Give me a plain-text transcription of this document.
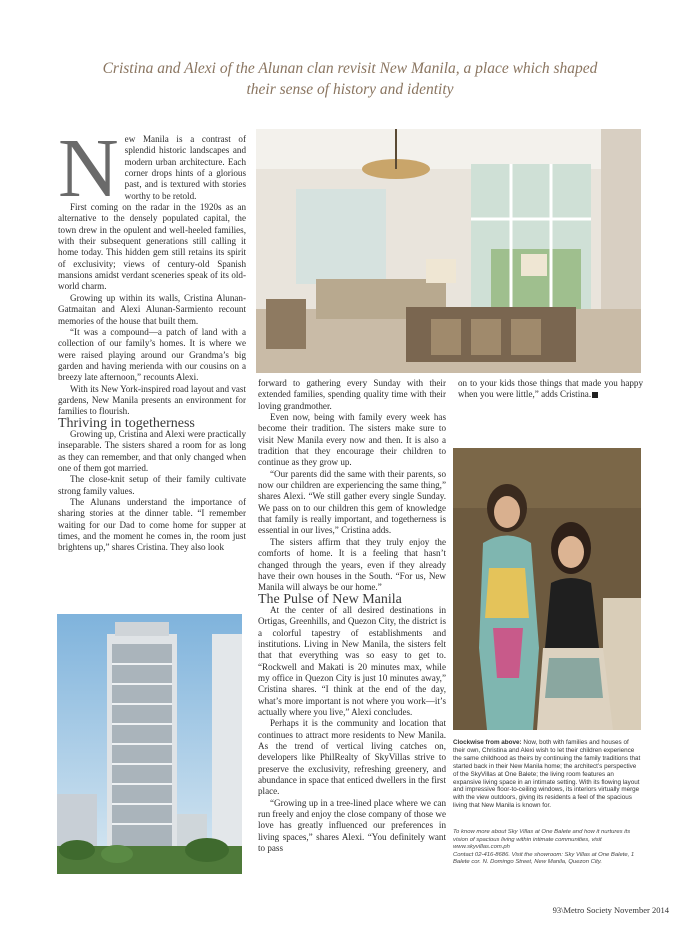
Cristina and Alexi of the Alunan clan revisit New Manila, a place which shaped their sense of history and identity
N ew Manila is a contrast of splendid historic landscapes and modern urban architecture. Each corner drops hints of a glorious past, and is textured with stories worthy to be retold.

First coming on the radar in the 1920s as an alternative to the densely populated capital, the town drew in the opulent and well-heeled families, with their subsequent generations still calling it home today. This hidden gem still retains its spirit of exclusivity; views of century-old Spanish mansions amidst verdant sceneries speak of its old-world charm.

Growing up within its walls, Cristina Alunan-Gatmaitan and Alexi Alunan-Sarmiento recount memories of the house that built them.

“It was a compound—a patch of land with a collection of our family’s homes. It is where we were raised playing around our Grandma’s big garden and having merienda with our cousins on a breezy late afternoon,” recounts Alexi.

With its New York-inspired road layout and vast gardens, New Manila presents an environment for families to flourish.

Thriving in togetherness

Growing up, Cristina and Alexi were practically inseparable. The sisters shared a room for as long as they can remember, and that only changed when one of them got married.

The close-knit setup of their family cultivate strong family values.

The Alunans understand the importance of sharing stories at the dinner table. “I remember waiting for our Dad to come home for supper at times, and the moment he comes in, the room just brightens up,” shares Cristina. They also look

forward to gathering every Sunday with their extended families, spending quality time with their loving grandmother.

Even now, being with family every week has become their tradition. The sisters make sure to visit New Manila every now and then. It is also a tradition that they encourage their children to continue as they grow up.

“Our parents did the same with their parents, so now our children are experiencing the same thing,” shares Alexi. “We still gather every single Sunday. We pass on to our children this gem of knowledge that family is really important, and togetherness is essential in our lives,” Cristina adds.

The sisters affirm that they truly enjoy the comforts of home. It is a feeling that hasn’t changed through the years, even if they already have their own houses in the South. “For us, New Manila will always be our home.”

The Pulse of New Manila

At the center of all desired destinations in Ortigas, Greenhills, and Quezon City, the district is a colorful tapestry of establishments and institutions. Living in New Manila, the sisters felt that that everything was so easy to get to. “Rockwell and Makati is 20 minutes max, while my office in Quezon City is just 10 minutes away,” Cristina shares. “I think at the end of the day, what’s more important is not where you work—it’s actually where you live,” Alexi concludes.

Perhaps it is the community and location that continues to attract more residents to New Manila. As the trend of vertical living catches on, developers like PhilRealty of SkyVillas strive to preserve the exclusivity, refreshing greenery, and abundance in space that enticed dwellers in the first place.

“Growing up in a tree-lined place where we can run freely and enjoy the close company of those we love has greatly influenced our preferences in living spaces,” shares Alexi. “You definitely want to pass

on to your kids those things that made you happy when you were little,” adds Cristina.

Clockwise from above: Now, both with families and houses of their own, Christina and Alexi wish to let their children experience the same childhood as theirs by continuing the family traditions that started back in their New Manila home; the architect’s perspective of the SkyVillas at One Balete; the living room features an expansive living space in an intimate setting. With its flowing layout and impressive floor-to-ceiling windows, its interiors virtually merge with the view outdoors, giving its residents a feel of the spacious living that New Manila is known for.
To know more about Sky Villas at One Balete and how it nurtures its vision of spacious living within intimate communities, visit www.skyvillas.com.ph
Contact 02-416-8686. Visit the showroom: Sky Villas at One Balete, 1 Balete cor. N. Domingo Street, New Manila, Quezon City.
93\Metro Society November 2014
